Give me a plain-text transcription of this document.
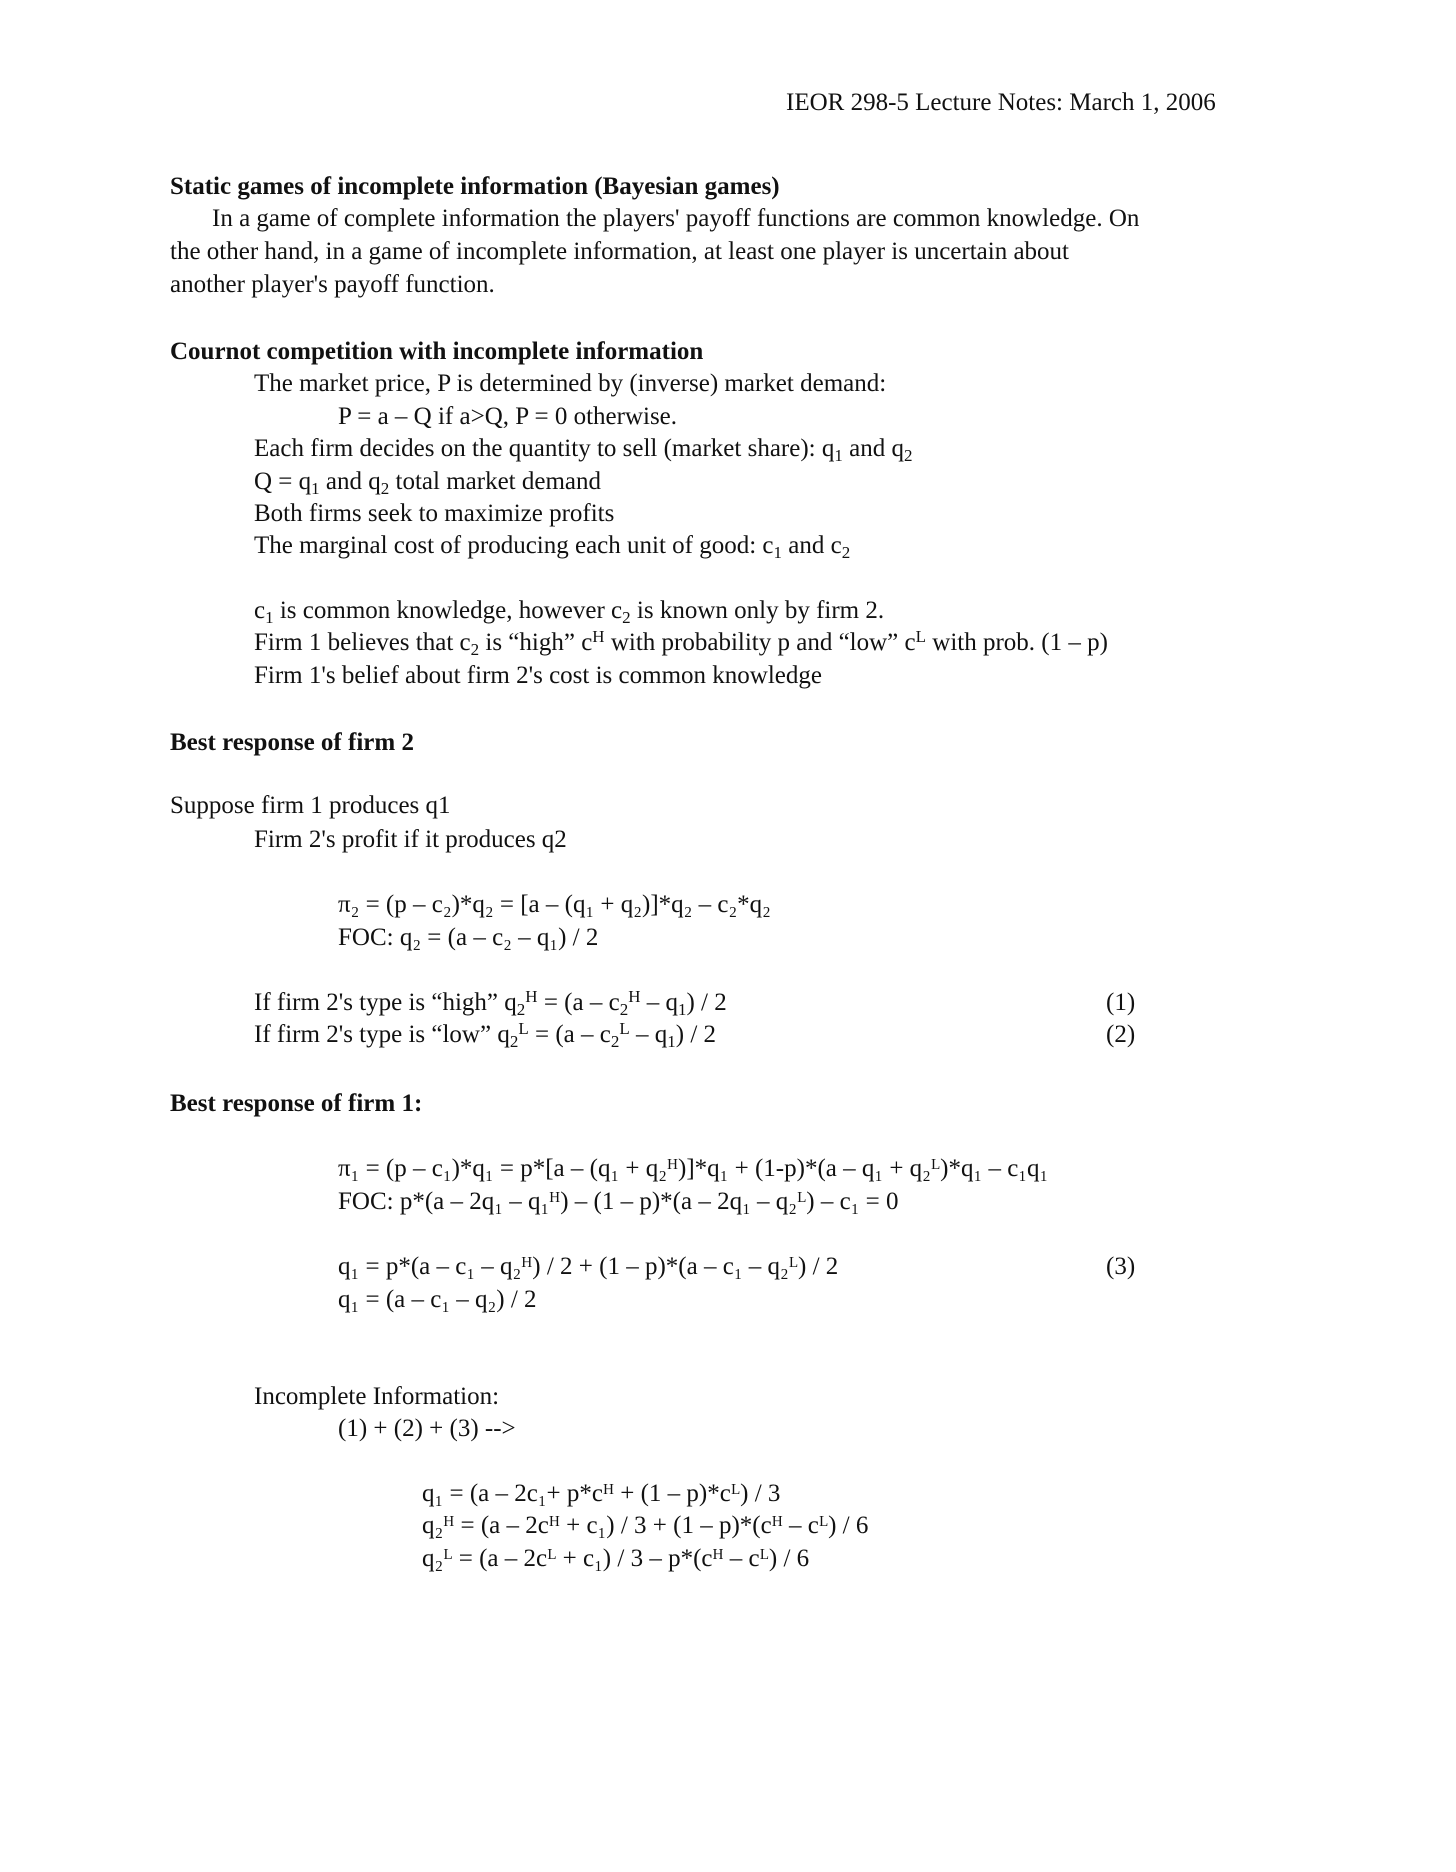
IEOR 298-5 Lecture Notes: March 1, 2006
Static games of incomplete information (Bayesian games)
In a game of complete information the players' payoff functions are common knowledge. On
the other hand, in a game of incomplete information, at least one player is uncertain about
another player's payoff function.
Cournot competition with incomplete information
The market price, P is determined by (inverse) market demand:
P = a – Q if a>Q, P = 0 otherwise.
Each firm decides on the quantity to sell (market share): $q_1$ and $q_2$
$Q = q_1$ and $q_2$ total market demand
Both firms seek to maximize profits
The marginal cost of producing each unit of good: $c_1$ and $c_2$
$c_1$ is common knowledge, however $c_2$ is known only by firm 2.
Firm 1 believes that $c_2$ is “high” $c^H$ with probability p and “low” $c^L$ with prob. (1 – p)
Firm 1's belief about firm 2's cost is common knowledge
Best response of firm 2
Suppose firm 1 produces q1
Firm 2's profit if it produces q2
π₂ = (p – c₂)*q₂ = [a – (q₁ + q₂)]*q₂ – c₂*q₂
FOC: q₂ = (a – c₂ – q₁) / 2
If firm 2's type is “high” $q_2^H = (a - c_2^H - q_1) / 2$	(1)
If firm 2's type is “low” $q_2^L = (a - c_2^L - q_1) / 2$	(2)
Best response of firm 1:
π₁ = (p – c₁)*q₁ = p*[a – (q₁ + q₂ᴴ)]*q₁ + (1-p)*(a – q₁ + q₂ᴸ)*q₁ – c₁q₁
FOC: p*(a – 2q₁ – q₁ᴴ) – (1 – p)*(a – 2q₁ – q₂ᴸ) – c₁ = 0
q₁ = p*(a – c₁ – q₂ᴴ) / 2 + (1 – p)*(a – c₁ – q₂ᴸ) / 2	(3)
q₁ = (a – c₁ – q₂) / 2
Incomplete Information:
(1) + (2) + (3) -->
q₁ = (a – 2c₁+ p*cᴴ + (1 – p)*cᴸ) / 3
q₂ᴴ = (a – 2cᴴ + c₁) / 3 + (1 – p)*(cᴴ – cᴸ) / 6
q₂ᴸ = (a – 2cᴸ + c₁) / 3 – p*(cᴴ – cᴸ) / 6
